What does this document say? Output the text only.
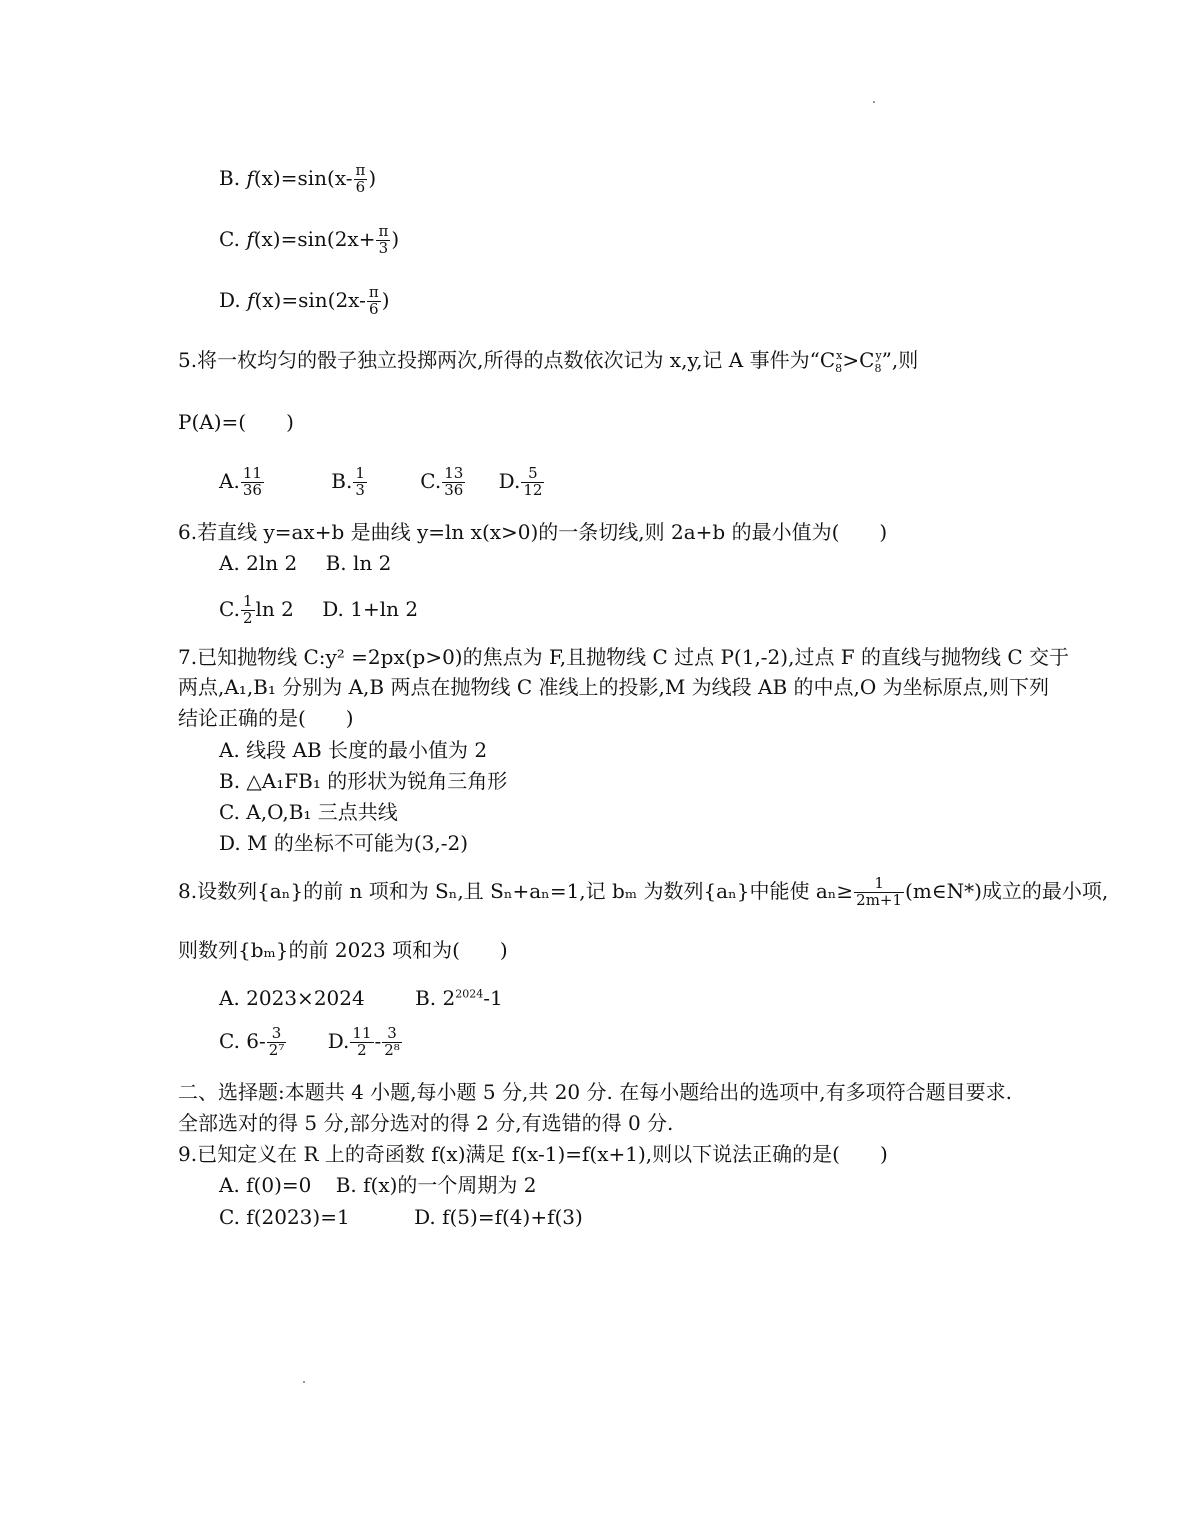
B. $f(x)=\sin(x- \frac{\pi}{6}$ )
C. $f(x)=\sin(2x+ \frac{\pi}{3}$ )
D. $f(x)=\sin(2x- \frac{\pi}{6}$ )
5.将一枚均匀的骰子独立投掷两次,所得的点数依次记为 x,y,记 A 事件为“$C_8^x>C_8^y$”,则
P(A)=(　　)
A. $\frac{11}{36}$	B. $\frac{1}{3}$	C. $\frac{13}{36} D$. $\frac{5}{12}$
6.若直线 y=ax+b 是曲线 y=ln x(x>0)的一条切线,则 2a+b 的最小值为(　　)
A. 2ln 2 B. ln 2
C. $\frac{1}{2}$ ln 2 D. 1+ln 2
7.已知抛物线 C:y² =2px(p>0)的焦点为 F,且抛物线 C 过点 P(1,-2),过点 F 的直线与抛物线 C 交于
两点,A₁,B₁ 分别为 A,B 两点在抛物线 C 准线上的投影,M 为线段 AB 的中点,O 为坐标原点,则下列
结论正确的是(　　)
A. 线段 AB 长度的最小值为 2
B. △A₁FB₁ 的形状为锐角三角形
C. A,O,B₁ 三点共线
D. M 的坐标不可能为(3,-2)
8.设数列{aₙ}的前 n 项和为 Sₙ,且 Sₙ+aₙ=1,记 bₘ 为数列{aₙ}中能使 $a_n\ge \frac{1}{2m+1}$ (m∈N*)成立的最小项,
则数列{bₘ}的前 2023 项和为(　　)
A. 2023×2024	B. $2^{2024}-1$
C. $6- \frac{3}{\text{2⁷}} D$. $\frac{11}{2} - \frac{3}{\text{2⁸}}$
二、选择题:本题共 4 小题,每小题 5 分,共 20 分. 在每小题给出的选项中,有多项符合题目要求.
全部选对的得 5 分,部分选对的得 2 分,有选错的得 0 分.
9.已知定义在 R 上的奇函数 f(x)满足 f(x-1)=f(x+1),则以下说法正确的是(　　)
A. f(0)=0 B. f(x)的一个周期为 2
C. f(2023)=1	D. f(5)=f(4)+f(3)
